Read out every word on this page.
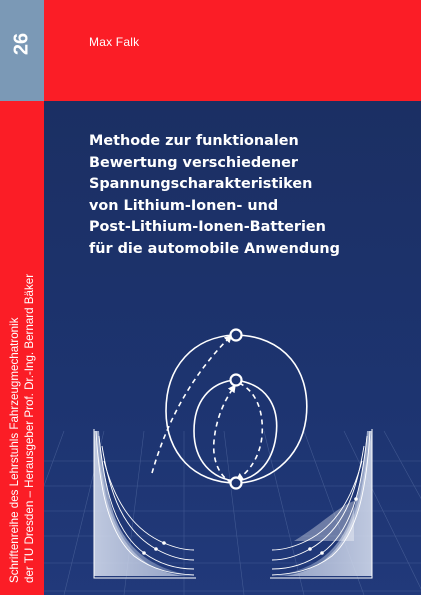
26
Schriftenreihe des Lehrstuhls Fahrzeugmechatronik der TU Dresden – Herausgeber Prof. Dr.-Ing. Bernard Bäker
Max Falk
Methode zur funktionalen
Bewertung verschiedener
Spannungscharakteristiken
von Lithium-Ionen- und
Post-Lithium-Ionen-Batterien
für die automobile Anwendung
